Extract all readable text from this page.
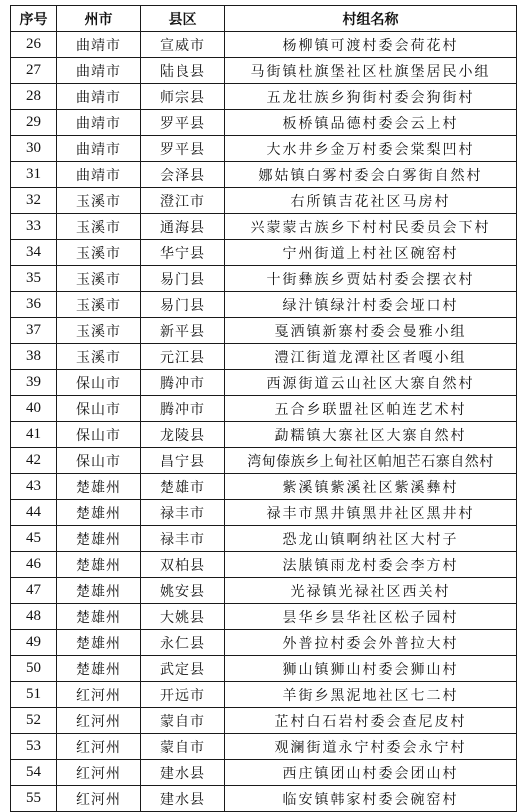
序号	州市	县区	村组名称
26	曲靖市	宣威市	杨柳镇可渡村委会荷花村
27	曲靖市	陆良县	马街镇杜旗堡社区杜旗堡居民小组
28	曲靖市	师宗县	五龙壮族乡狗街村委会狗街村
29	曲靖市	罗平县	板桥镇品德村委会云上村
30	曲靖市	罗平县	大水井乡金万村委会棠梨凹村
31	曲靖市	会泽县	娜姑镇白雾村委会白雾街自然村
32	玉溪市	澄江市	右所镇吉花社区马房村
33	玉溪市	通海县	兴蒙蒙古族乡下村村民委员会下村
34	玉溪市	华宁县	宁州街道上村社区碗窑村
35	玉溪市	易门县	十街彝族乡贾姑村委会摆衣村
36	玉溪市	易门县	绿汁镇绿汁村委会垭口村
37	玉溪市	新平县	戛洒镇新寨村委会曼雅小组
38	玉溪市	元江县	澧江街道龙潭社区者嘎小组
39	保山市	腾冲市	西源街道云山社区大寨自然村
40	保山市	腾冲市	五合乡联盟社区帕连艺术村
41	保山市	龙陵县	勐糯镇大寨社区大寨自然村
42	保山市	昌宁县	湾甸傣族乡上甸社区帕旭芒石寨自然村
43	楚雄州	楚雄市	紫溪镇紫溪社区紫溪彝村
44	楚雄州	禄丰市	禄丰市黑井镇黑井社区黑井村
45	楚雄州	禄丰市	恐龙山镇啊纳社区大村子
46	楚雄州	双柏县	法脿镇雨龙村委会李方村
47	楚雄州	姚安县	光禄镇光禄社区西关村
48	楚雄州	大姚县	昙华乡昙华社区松子园村
49	楚雄州	永仁县	外普拉村委会外普拉大村
50	楚雄州	武定县	狮山镇狮山村委会狮山村
51	红河州	开远市	羊街乡黑泥地社区七二村
52	红河州	蒙自市	芷村白石岩村委会查尼皮村
53	红河州	蒙自市	观澜街道永宁村委会永宁村
54	红河州	建水县	西庄镇团山村委会团山村
55	红河州	建水县	临安镇韩家村委会碗窑村
